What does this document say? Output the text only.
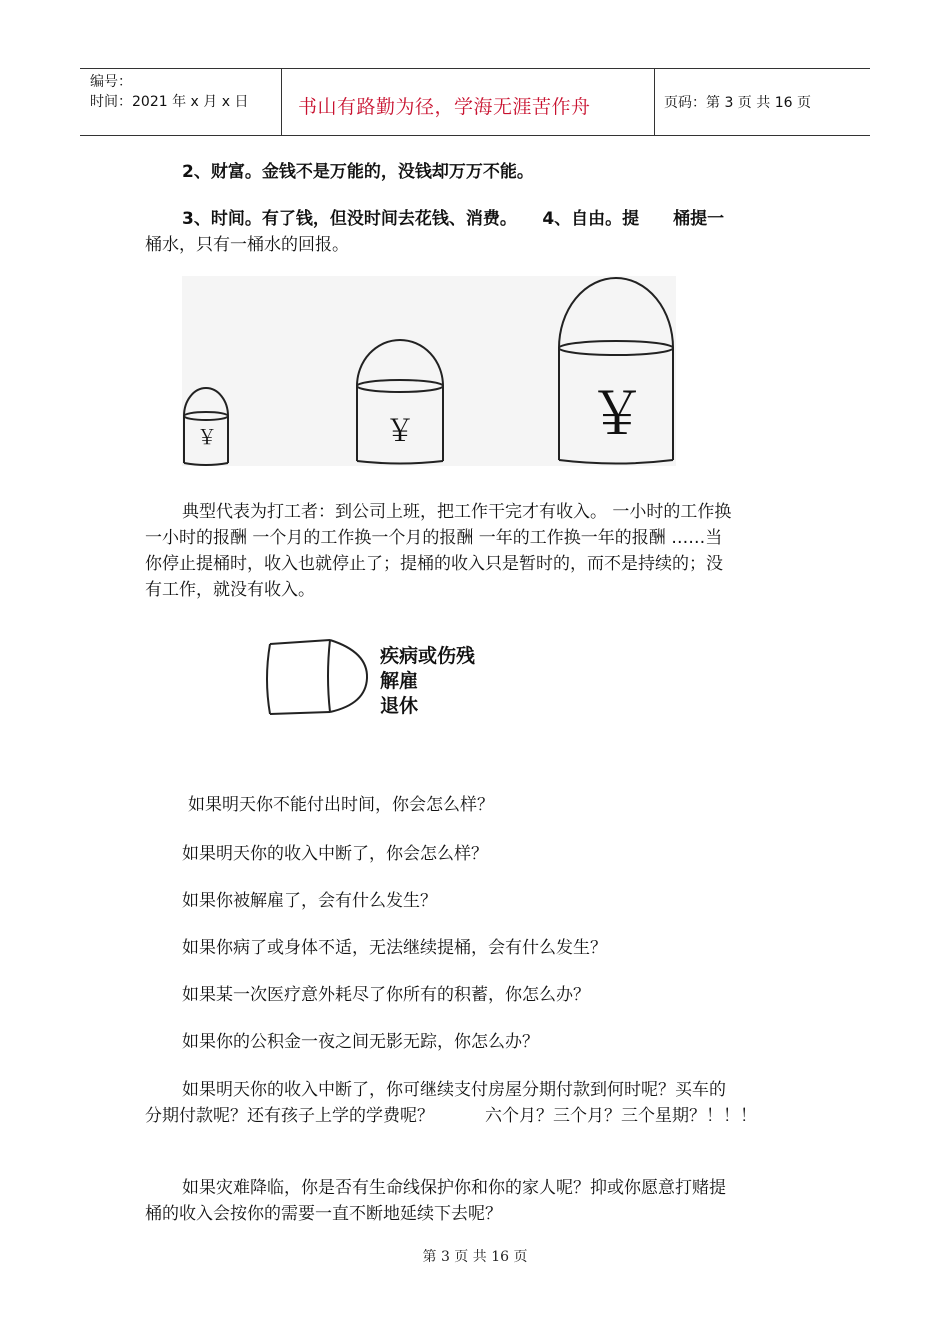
编号：
时间：2021 年 x 月 x 日	书山有路勤为径，学海无涯苦作舟	页码：第 3 页 共 16 页
2、财富。金钱不是万能的，没钱却万万不能。
3、时间。有了钱，但没时间去花钱、消费。　　4、自由。提　　桶提一
桶水，只有一桶水的回报。
￥	￥	￥
典型代表为打工者：到公司上班，把工作干完才有收入。 一小时的工作换
一小时的报酬 一个月的工作换一个月的报酬 一年的工作换一年的报酬 ……当
你停止提桶时，收入也就停止了；提桶的收入只是暂时的，而不是持续的；没
有工作，就没有收入。
疾病或伤残
解雇
退休
如果明天你不能付出时间，你会怎么样？
如果明天你的收入中断了，你会怎么样？
如果你被解雇了，会有什么发生？
如果你病了或身体不适，无法继续提桶，会有什么发生？
如果某一次医疗意外耗尽了你所有的积蓄，你怎么办？
如果你的公积金一夜之间无影无踪，你怎么办？
如果明天你的收入中断了，你可继续支付房屋分期付款到何时呢？买车的
分期付款呢？还有孩子上学的学费呢？　　　六个月？三个月？三个星期？！！！
如果灾难降临，你是否有生命线保护你和你的家人呢？抑或你愿意打赌提
桶的收入会按你的需要一直不断地延续下去呢？
第 3 页 共 16 页
